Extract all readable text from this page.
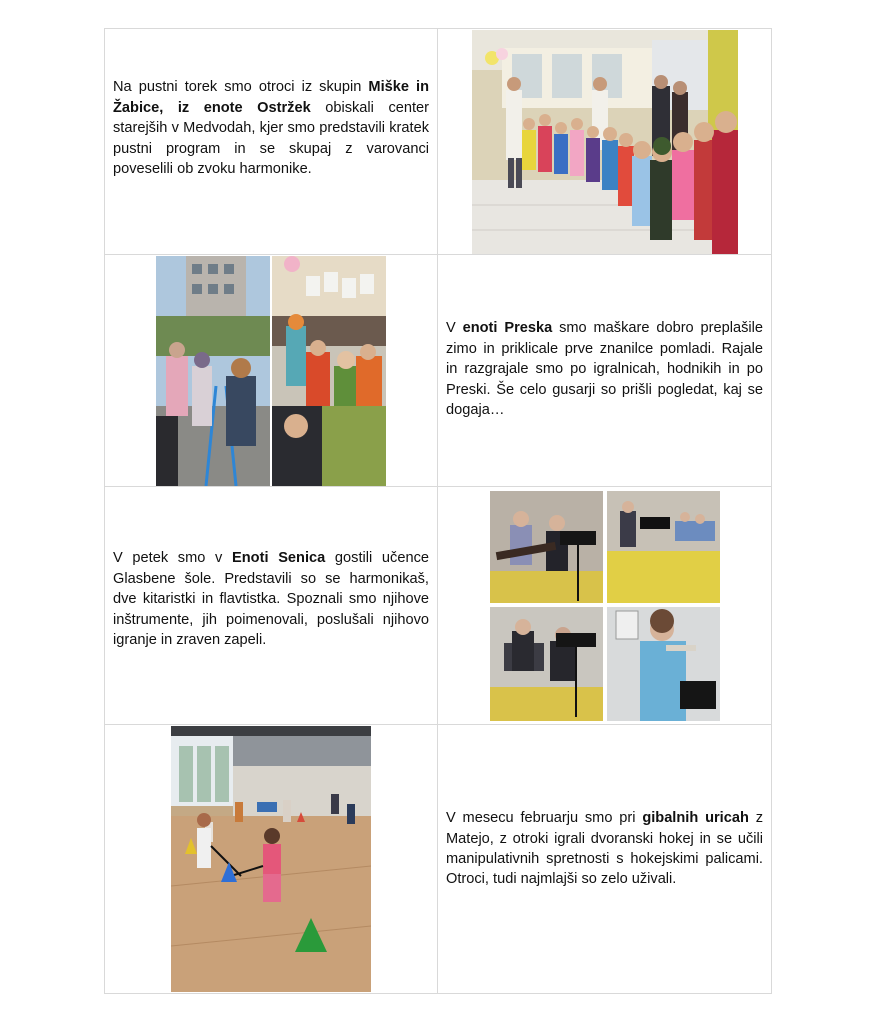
Na pustni torek smo otroci iz skupin Miške in Žabice, iz enote Ostržek obiskali center starejših v Medvodah, kjer smo predstavili kratek pustni program in se skupaj z varovanci poveselili ob zvoku harmonike.

V enoti Preska smo maškare dobro preplašile zimo in priklicale prve znanilce pomladi. Rajale in razgrajale smo po igralnicah, hodnikih in po Preski. Še celo gusarji so prišli pogledat, kaj se dogaja…

V petek smo v Enoti Senica gostili učence Glasbene šole. Predstavili so se harmonikaš, dve kitaristki in flavtistka. Spoznali smo njihove inštrumente, jih poimenovali, poslušali njihovo igranje in zraven zapeli.

V mesecu februarju smo pri gibalnih uricah z Matejo, z otroki igrali dvoranski hokej in se učili manipulativnih spretnosti s hokejskimi palicami. Otroci, tudi najmlajši so zelo uživali.
